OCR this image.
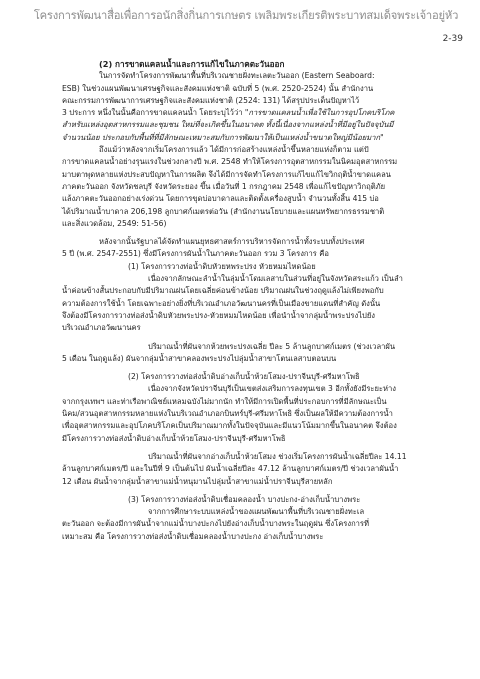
โครงการพัฒนาสื่อเพื่อการอนักสิ่งกิ่นการเกษตร เพลิมพระเกียรติพระบาทสมเด็จพระเจ้าอยู่หัว
2-39
(2) การขาดแคลนน้ำและการแก้ไขในภาคตะวันออก
ในการจัดทำโครงการพัฒนาพื้นที่บริเวณชายฝั่งทะเลตะวันออก (Eastern Seaboard:
ESB) ในช่วงแผนพัฒนาเศรษฐกิจและสังคมแห่งชาติ ฉบับที่ 5 (พ.ศ. 2520-2524) นั้น สำนักงาน
คณะกรรมการพัฒนาการเศรษฐกิจและสังคมแห่งชาติ (2524: 131) ได้สรุปประเด็นปัญหาไว้
3 ประการ หนึ่งในนั้นคือการขาดแคลนน้ำ โดยระบุไว้ว่า "การขาดแคลนน้ำเพื่อใช้ในการอุปโภคบริโภค
สำหรับแหล่งอุตสาหกรรมและชุมชน ใหม่ที่จะเกิดขึ้นในอนาคต ทั้งนี้เนื่องจากแหล่งน้ำที่มีอยู่ในปัจจุบันมี
จำนวนน้อย ประกอบกับพื้นที่ที่มีลักษณะเหมาะสมกับการพัฒนาให้เป็นแหล่งน้ำขนาดใหญ่มีน้อยมาก"
ถึงแม้ว่าหลังจากเริ่มโครงการแล้ว ได้มีการก่อสร้างแหล่งน้ำขึ้นหลายแห่งก็ตาม แต่ปั
การขาดแคลนน้ำอย่างรุนแรงในช่วงกลางปี พ.ศ. 2548 ทำให้โครงการอุตสาหกรรมในนิคมอุตสาหกรรม
มาบตาพุดหลายแห่งประสบปัญหาในการผลิต จึงได้มีการจัดทำโครงการแก้ไขแก้ไขวิกฤติน้ำขาดแคลน
ภาคตะวันออก จังหวัดชลบุรี จังหวัดระยอง ขึ้น เมื่อวันที่ 1 กรกฎาคม 2548 เพื่อแก้ไขปัญหาวิกฤติภัย
แล้งภาคตะวันออกอย่างเร่งด่วน โดยการขุดบ่อบาดาลและติดตั้งเครื่องสูบน้ำ จำนวนทั้งสิ้น 415 บ่อ
ได้ปริมาณน้ำบาดาล 206,198 ลูกบาศก์เมตรต่อวัน (สำนักงานนโยบายและแผนทรัพยากรธรรมชาติ
และสิ่งแวดล้อม, 2549: 51-56)
หลังจากนั้นรัฐบาลได้จัดทำแผนยุทธศาสตร์การบริหารจัดการน้ำทั้งระบบทั้งประเทศ
5 ปี (พ.ศ. 2547-2551) ซึ่งมีโครงการผันน้ำในภาคตะวันออก รวม 3 โครงการ คือ
(1) โครงการวางท่อน้ำดิบหัวยหพระปรง หัวยหมมไหดน้อย
เนื่องจากลักษณะลำน้ำในลุ่มน้ำโดมเลสาบในส่วนที่อยู่ในจังหวัดสระแก้ว เป็นลำ
น้ำค่อนข้างสั้นประกอบกับมีปริมาณฝนโดยเฉลี่ยค่อนข้างน้อย ปริมาณฝนในช่วงฤดูแล้งไม่เพียงพอกับ
ความต้องการใช้น้ำ โดยเฉพาะอย่างยิ่งที่บริเวณอำเภอวัฒนานครที่เป็นเมืองขายแดนที่สำคัญ ดังนั้น
จึงต้องมีโครงการวางท่อส่งน้ำดิบหัวยพระปรง-หัวยหมมไหดน้อย เพื่อนำน้ำจากลุ่มน้ำพระปรงไปยัง
บริเวณอำเภอวัฒนานคร
ปริมาณน้ำที่ผันจากห้วยพระปรงเฉลี่ย ปีละ 5 ล้านลูกบาศก์เมตร (ช่วงเวลาผัน
5 เดือน ในฤดูแล้ง) ผันจากลุ่มน้ำสาขาคลองพระปรงไปลุ่มน้ำสาขาโตนเลสาบตอนบน
(2) โครงการวางท่อส่งน้ำดิบอ่างเก็บน้ำห้วยโสมง-ปราจีนบุรี-ศรีมหาโพธิ
เนื่องจากจังหวัดปราจีนบุรีเป็นเขตส่งเสริมการลงทุนเขต 3 อีกทั้งยังมีระยะห่าง
จากกรุงเทพฯ และท่าเรือพาณิชย์แหลมฉบังไม่มากนัก ทำให้มีการเปิดพื้นที่ประกอบการที่มีลักษณะเป็น
นิคม/สวนอุตสาหกรรมหลายแห่งในบริเวณอำเภอกบินทร์บุรี-ศรีมหาโพธิ ซึ่งเป็นผลให้มีความต้องการน้ำ
เพื่ออุตสาหกรรมและอุปโภคบริโภคเป็นปริมาณมากทั้งในปัจจุบันและมีแนวโน้มมากขึ้นในอนาคต จึงต้อง
มีโครงการวางท่อส่งน้ำดิบอ่างเก็บน้ำห้วยโสมง-ปราจีนบุรี-ศรีมหาโพธิ
ปริมาณน้ำที่ผันจากอ่างเก็บน้ำห้วยโสมง ช่วงเริ่มโครงการผันน้ำเฉลี่ยปีละ 14.11
ล้านลูกบาศก์เมตร/ปี และในปีที่ 9 เป็นต้นไป ผันน้ำเฉลี่ยปีละ 47.12 ล้านลูกบาศก์เมตร/ปี ช่วงเวลาผันน้ำ
12 เดือน ผันน้ำจากลุ่มน้ำสาขาแม่น้ำหนุมานไปลุ่มน้ำสาขาแม่น้ำปราจีนบุรีสายหลัก
(3) โครงการวางท่อส่งน้ำดิบเชื่อมคลองน้ำ บางปะกง-อ่างเก็บน้ำบางพระ
จากการศึกษาระบบแหล่งน้ำของแผนพัฒนาพื้นที่บริเวณชายฝั่งทะเล
ตะวันออก จะต้องมีการผันน้ำจากแม่น้ำบางปะกงไปยังอ่างเก็บน้ำบางพระในฤดูฝน ซึ่งโครงการที่
เหมาะสม คือ โครงการวางท่อส่งน้ำดิบเชื่อมคลองน้ำบางปะกง อ่างเก็บน้ำบางพระ
